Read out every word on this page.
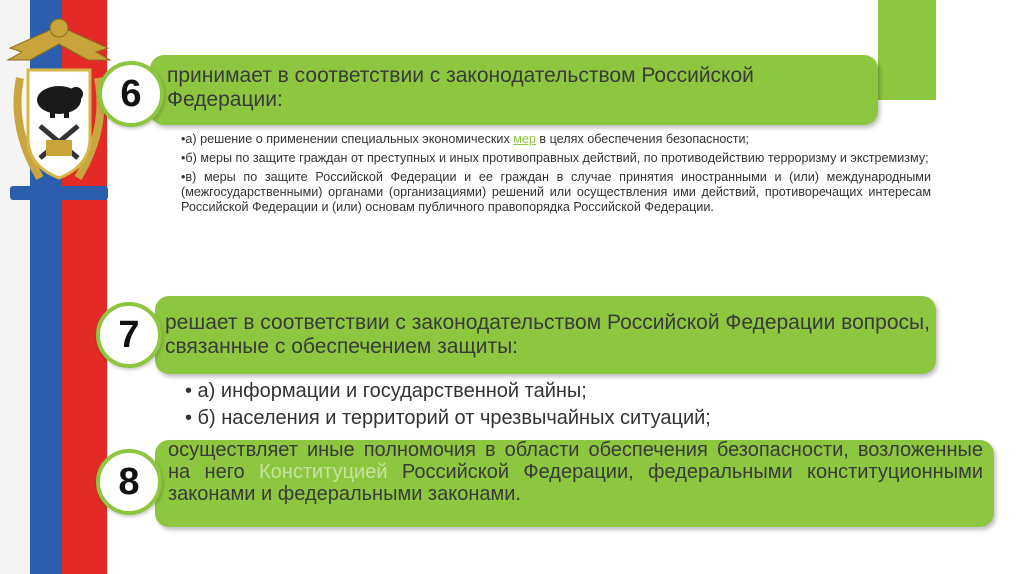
6	принимает в соответствии с законодательством Российской Федерации:
•а) решение о применении специальных экономических мер в целях обеспечения безопасности;
•б) меры по защите граждан от преступных и иных противоправных действий, по противодействию терроризму и экстремизму;
•в) меры по защите Российской Федерации и ее граждан в случае принятия иностранными и (или) международными (межгосударственными) органами (организациями) решений или осуществления ими действий, противоречащих интересам Российской Федерации и (или) основам публичного правопорядка Российской Федерации.
7	решает в соответствии с законодательством Российской Федерации вопросы, связанные с обеспечением защиты:
• а) информации и государственной тайны;
• б) населения и территорий от чрезвычайных ситуаций;
8
осуществляет иные полномочия в области обеспечения безопасности, возложенные на него Конституцией Российской Федерации, федеральными конституционными законами и федеральными законами.
